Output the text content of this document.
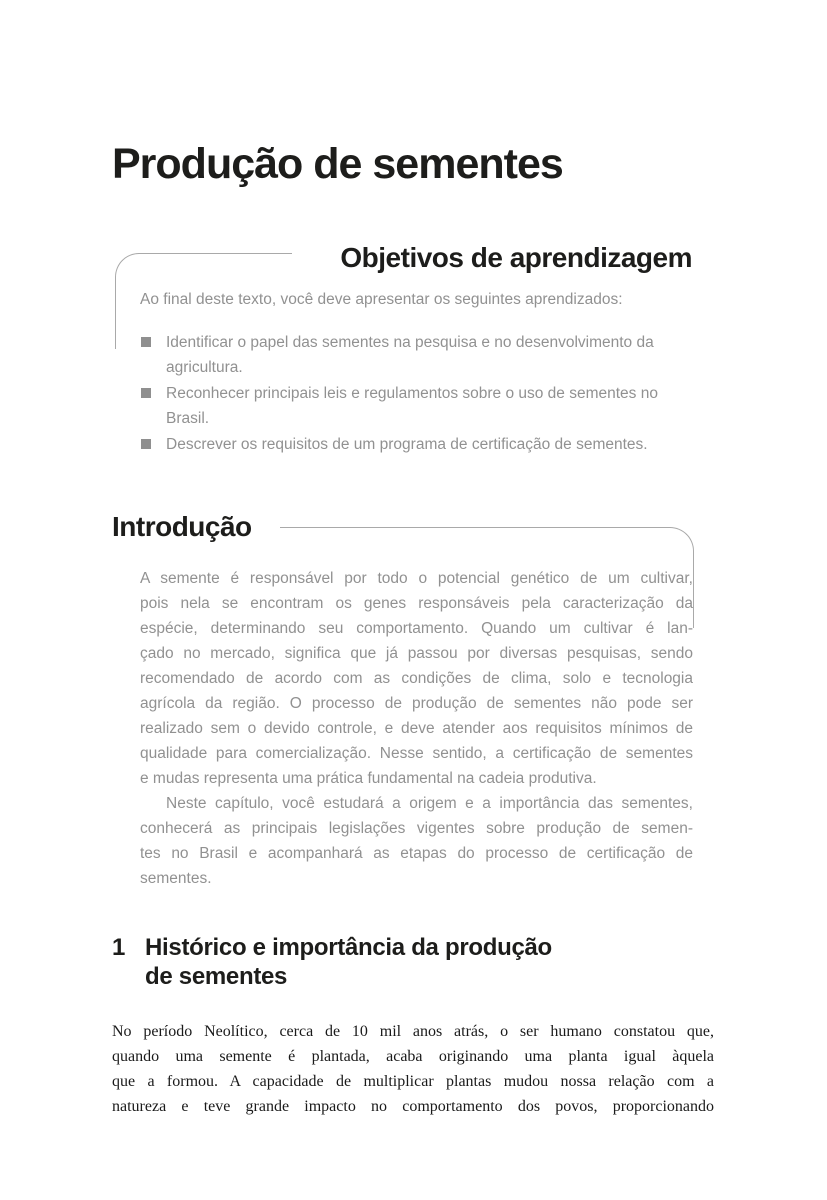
Produção de sementes
Objetivos de aprendizagem

Ao final deste texto, você deve apresentar os seguintes aprendizados:

Identificar o papel das sementes na pesquisa e no desenvolvimento da agricultura.
Reconhecer principais leis e regulamentos sobre o uso de sementes no Brasil.
Descrever os requisitos de um programa de certificação de sementes.
Introdução
A semente é responsável por todo o potencial genético de um cultivar,
pois nela se encontram os genes responsáveis pela caracterização da
espécie, determinando seu comportamento. Quando um cultivar é lan-
çado no mercado, significa que já passou por diversas pesquisas, sendo
recomendado de acordo com as condições de clima, solo e tecnologia
agrícola da região. O processo de produção de sementes não pode ser
realizado sem o devido controle, e deve atender aos requisitos mínimos de
qualidade para comercialização. Nesse sentido, a certificação de sementes
e mudas representa uma prática fundamental na cadeia produtiva.
Neste capítulo, você estudará a origem e a importância das sementes,
conhecerá as principais legislações vigentes sobre produção de semen-
tes no Brasil e acompanhará as etapas do processo de certificação de
sementes.
1 Histórico e importância da produção
de sementes
No período Neolítico, cerca de 10 mil anos atrás, o ser humano constatou que,
quando uma semente é plantada, acaba originando uma planta igual àquela
que a formou. A capacidade de multiplicar plantas mudou nossa relação com a
natureza e teve grande impacto no comportamento dos povos, proporcionando
